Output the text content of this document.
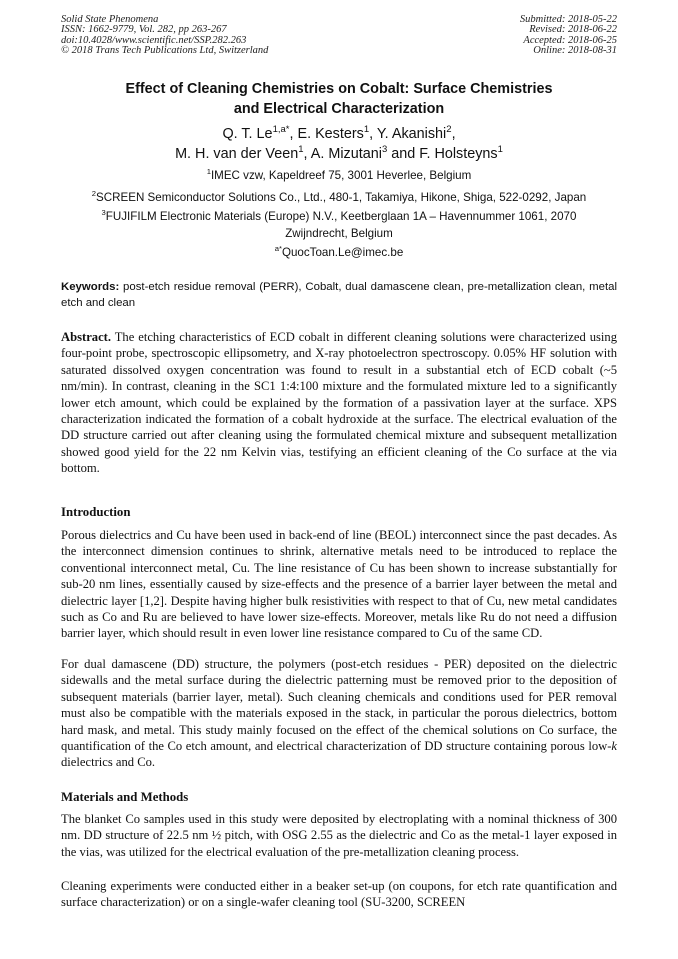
Solid State Phenomena
ISSN: 1662-9779, Vol. 282, pp 263-267
doi:10.4028/www.scientific.net/SSP.282.263
© 2018 Trans Tech Publications Ltd, Switzerland
Submitted: 2018-05-22
Revised: 2018-06-22
Accepted: 2018-06-25
Online: 2018-08-31
Effect of Cleaning Chemistries on Cobalt: Surface Chemistries
and Electrical Characterization
Q. T. $Le^{1,a*}$, E. Kesters$^1$, Y. Akanishi$^2$,
M. H. van der Veen$^1$, A. Mizutani$^3$ and F. Holsteyns$^1$
$^1$IMEC vzw, Kapeldreef 75, 3001 Heverlee, Belgium
$^2$SCREEN Semiconductor Solutions Co., Ltd., 480-1, Takamiya, Hikone, Shiga, 522-0292, Japan
$^3$FUJIFILM Electronic Materials (Europe) N.V., Keetberglaan 1A – Havennummer 1061, 2070 Zwijndrecht, Belgium
$^{a*}$QuocToan.Le@imec.be
Keywords: post-etch residue removal (PERR), Cobalt, dual damascene clean, pre-metallization clean, metal etch and clean

Abstract. The etching characteristics of ECD cobalt in different cleaning solutions were characterized using four-point probe, spectroscopic ellipsometry, and X-ray photoelectron spectroscopy. 0.05% HF solution with saturated dissolved oxygen concentration was found to result in a substantial etch of ECD cobalt (~5 nm/min). In contrast, cleaning in the SC1 1:4:100 mixture and the formulated mixture led to a significantly lower etch amount, which could be explained by the formation of a passivation layer at the surface. XPS characterization indicated the formation of a cobalt hydroxide at the surface. The electrical evaluation of the DD structure carried out after cleaning using the formulated chemical mixture and subsequent metallization showed good yield for the 22 nm Kelvin vias, testifying an efficient cleaning of the Co surface at the via bottom.

Introduction

Porous dielectrics and Cu have been used in back-end of line (BEOL) interconnect since the past decades. As the interconnect dimension continues to shrink, alternative metals need to be introduced to replace the conventional interconnect metal, Cu. The line resistance of Cu has been shown to increase substantially for sub-20 nm lines, essentially caused by size-effects and the presence of a barrier layer between the metal and dielectric layer [1,2]. Despite having higher bulk resistivities with respect to that of Cu, new metal candidates such as Co and Ru are believed to have lower size-effects. Moreover, metals like Ru do not need a diffusion barrier layer, which should result in even lower line resistance compared to Cu of the same CD.

For dual damascene (DD) structure, the polymers (post-etch residues - PER) deposited on the dielectric sidewalls and the metal surface during the dielectric patterning must be removed prior to the deposition of subsequent materials (barrier layer, metal). Such cleaning chemicals and conditions used for PER removal must also be compatible with the materials exposed in the stack, in particular the porous dielectrics, bottom hard mask, and metal. This study mainly focused on the effect of the chemical solutions on Co surface, the quantification of the Co etch amount, and electrical characterization of DD structure containing porous low-k dielectrics and Co.

Materials and Methods

The blanket Co samples used in this study were deposited by electroplating with a nominal thickness of 300 nm. DD structure of 22.5 nm ½ pitch, with OSG 2.55 as the dielectric and Co as the metal-1 layer exposed in the vias, was utilized for the electrical evaluation of the pre-metallization cleaning process.

Cleaning experiments were conducted either in a beaker set-up (on coupons, for etch rate quantification and surface characterization) or on a single-wafer cleaning tool (SU-3200, SCREEN
